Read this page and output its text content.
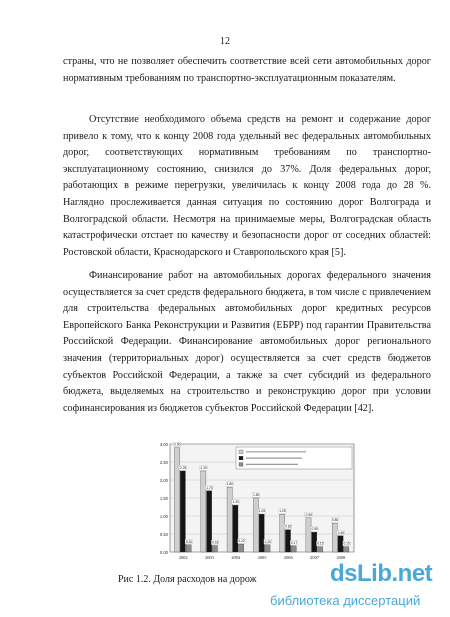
12

страны, что не позволяет обеспечить соответствие всей сети автомобильных дорог нормативным требованиям по транспортно-эксплуатационным показателям.

Отсутствие необходимого объема средств на ремонт и содержание дорог привело к тому, что к концу 2008 года удельный вес федеральных автомобильных дорог, соответствующих нормативным требованиям по транспортно-эксплуатационному состоянию, снизился до 37%. Доля федеральных дорог, работающих в режиме перегрузки, увеличилась к концу 2008 года до 28 %. Наглядно прослеживается данная ситуация по состоянию дорог Волгограда и Волгоградской области. Несмотря на принимаемые меры, Волгоградская область катастрофически отстает по качеству и безопасности дорог от соседних областей: Ростовской области, Краснодарского и Ставропольского края [5].

Финансирование работ на автомобильных дорогах федерального значения осуществляется за счет средств федерального бюджета, в том числе с привлечением для строительства федеральных автомобильных дорог кредитных ресурсов Европейского Банка Реконструкции и Развития (ЕБРР) под гарантии Правительства Российской Федерации. Финансирование автомобильных дорог регионального значения (территориальных дорог) осуществляется за счет средств бюджетов субъектов Российской Федерации, а также за счет субсидий из федерального бюджета, выделяемых на строительство и реконструкцию дорог при условии софинансирования из бюджетов субъектов Российской Федерации [42].

0.00
0.50
1.00
1.50
2.00
2.50
3.00 2.90
2.25
0.20
2002
2.25
1.70
0.18
2003
1.80
1.30
0.22
2004
1.50
1.05
0.20
2005
1.05
0.62
0.17
2006
0.95
0.55
0.15
2007
0.80
0.45
0.15
2008
Рис 1.2. Доля расходов на дорож	dsLib.net
библиотека диссертаций
